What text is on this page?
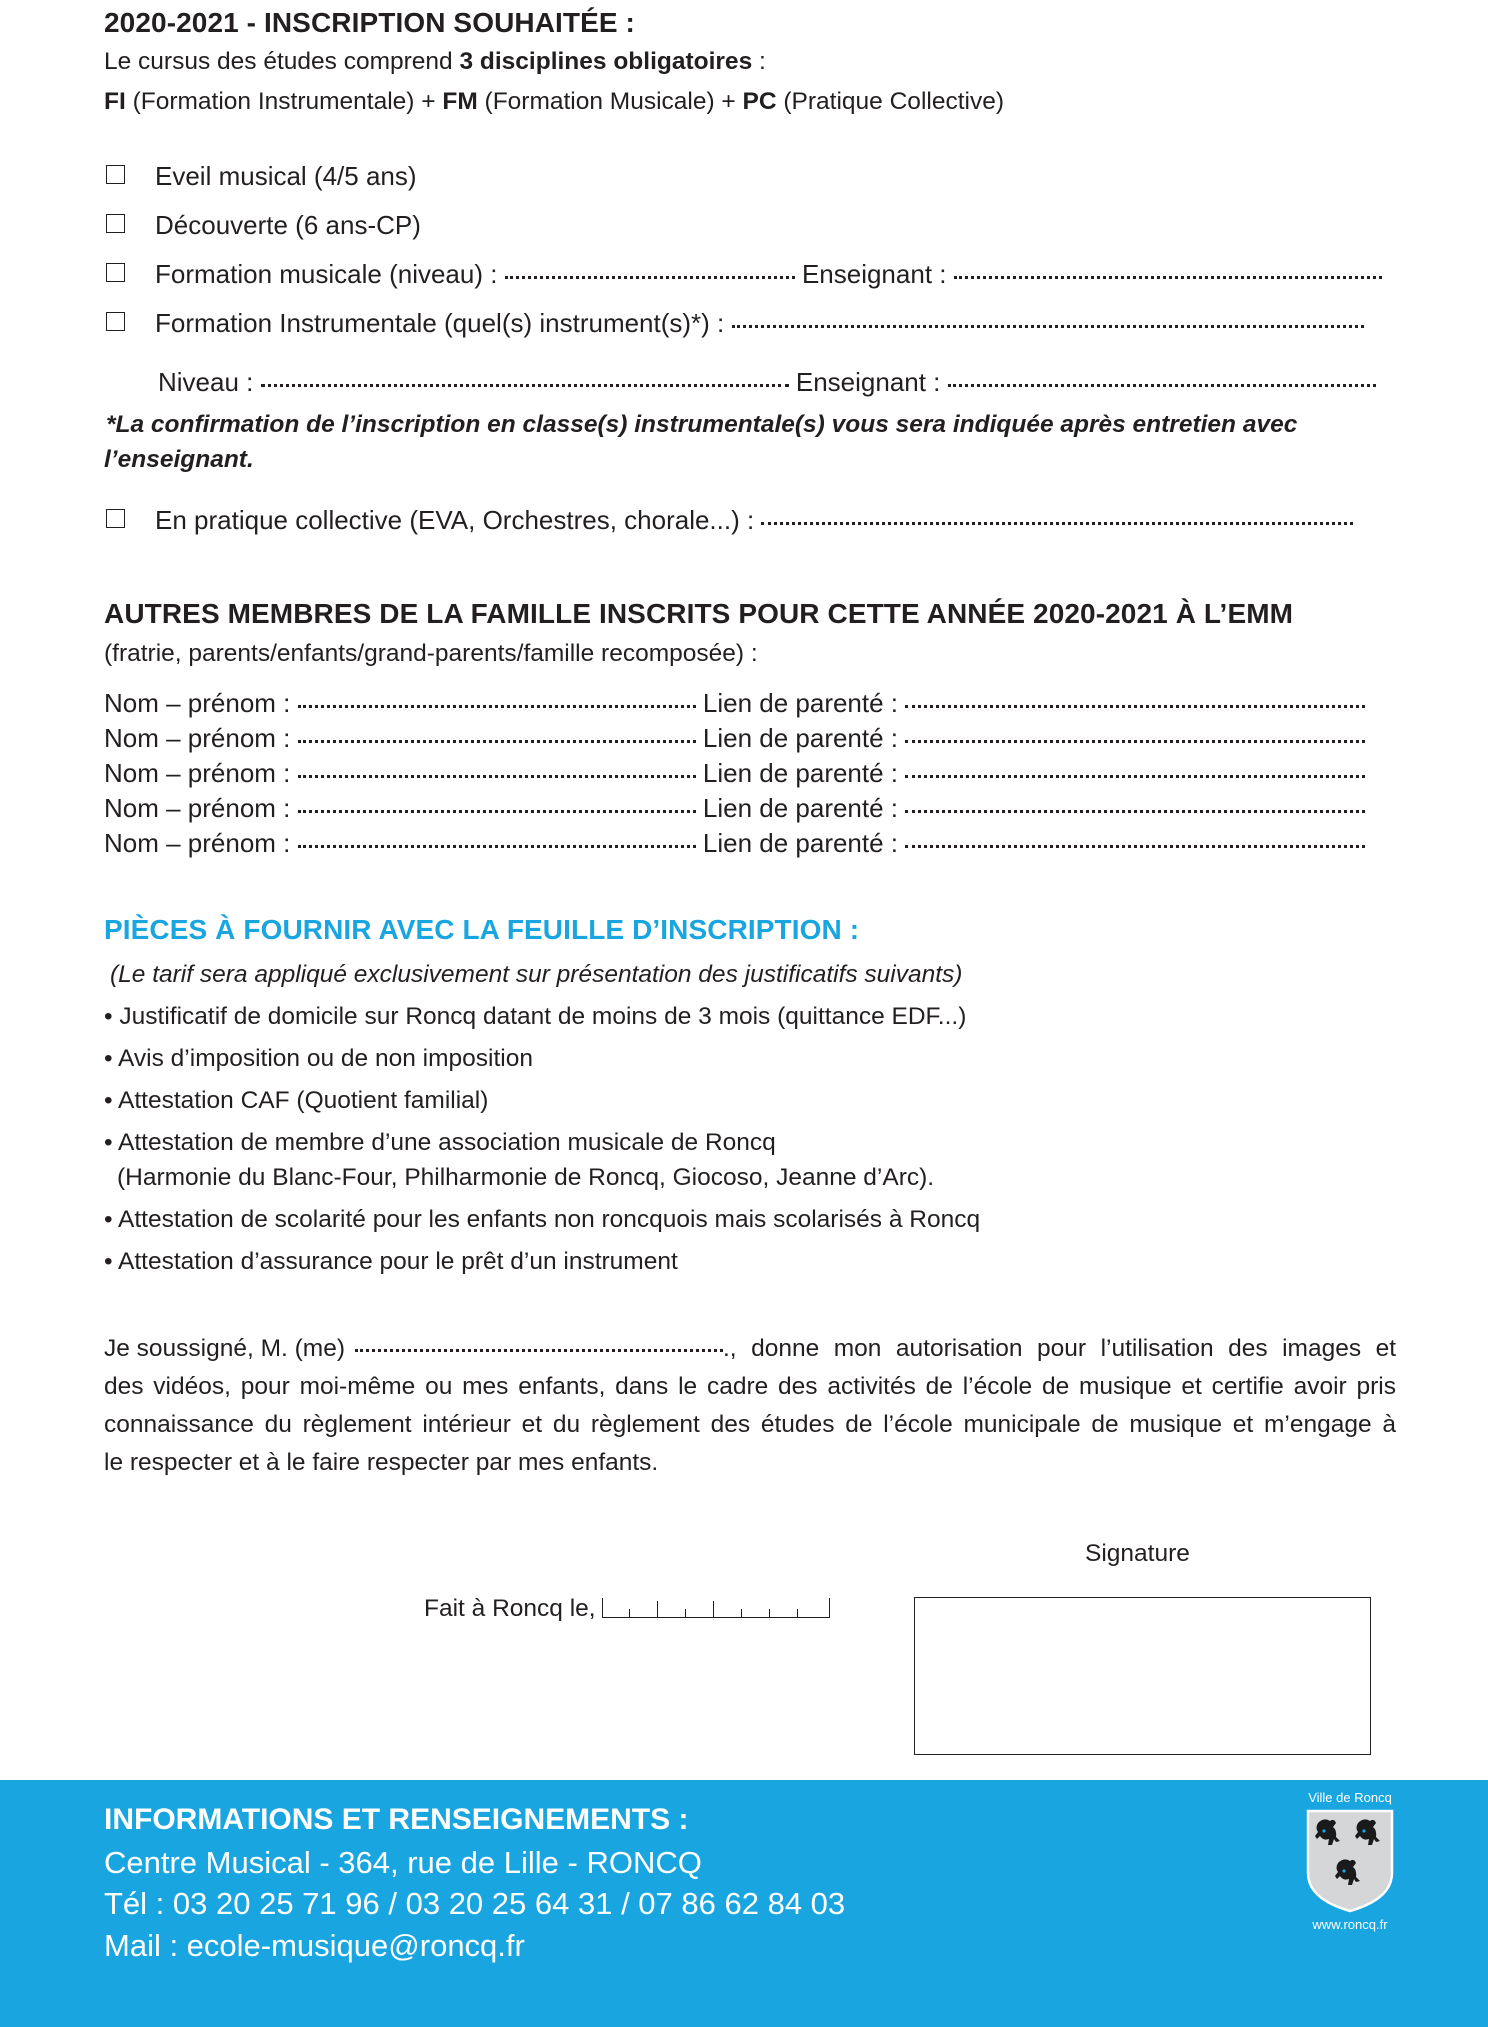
2020-2021 - INSCRIPTION SOUHAITÉE :
Le cursus des études comprend 3 disciplines obligatoires :
FI (Formation Instrumentale) + FM (Formation Musicale) + PC (Pratique Collective)
Eveil musical (4/5 ans)
Découverte (6 ans-CP)
Formation musicale (niveau) :	Enseignant :
Formation Instrumentale (quel(s) instrument(s)*) :
Niveau :	Enseignant :
*La confirmation de l’inscription en classe(s) instrumentale(s) vous sera indiquée après entretien avec
l’enseignant.
En pratique collective (EVA, Orchestres, chorale...) :
AUTRES MEMBRES DE LA FAMILLE INSCRITS POUR CETTE ANNÉE 2020-2021 À L’EMM
(fratrie, parents/enfants/grand-parents/famille recomposée) :
Nom – prénom :	Lien de parenté :
Nom – prénom :	Lien de parenté :
Nom – prénom :	Lien de parenté :
Nom – prénom :	Lien de parenté :
Nom – prénom :	Lien de parenté :
PIÈCES À FOURNIR AVEC LA FEUILLE D’INSCRIPTION :
(Le tarif sera appliqué exclusivement sur présentation des justificatifs suivants)
• Justificatif de domicile sur Roncq datant de moins de 3 mois (quittance EDF...)
• Avis d’imposition ou de non imposition
• Attestation CAF (Quotient familial)
• Attestation de membre d’une association musicale de Roncq
(Harmonie du Blanc-Four, Philharmonie de Roncq, Giocoso, Jeanne d’Arc).
• Attestation de scolarité pour les enfants non roncquois mais scolarisés à Roncq
• Attestation d’assurance pour le prêt d’un instrument
Je soussigné, M. (me)	., donne mon autorisation pour l’utilisation des images et
des vidéos, pour moi-même ou mes enfants, dans le cadre des activités de l’école de musique et certifie avoir pris
connaissance du règlement intérieur et du règlement des études de l’école municipale de musique et m’engage à
le respecter et à le faire respecter par mes enfants.
Signature
Fait à Roncq le,
INFORMATIONS ET RENSEIGNEMENTS :
Centre Musical - 364, rue de Lille - RONCQ
Tél : 03 20 25 71 96 / 03 20 25 64 31 / 07 86 62 84 03
Mail : ecole-musique@roncq.fr
Ville de Roncq
www.roncq.fr
